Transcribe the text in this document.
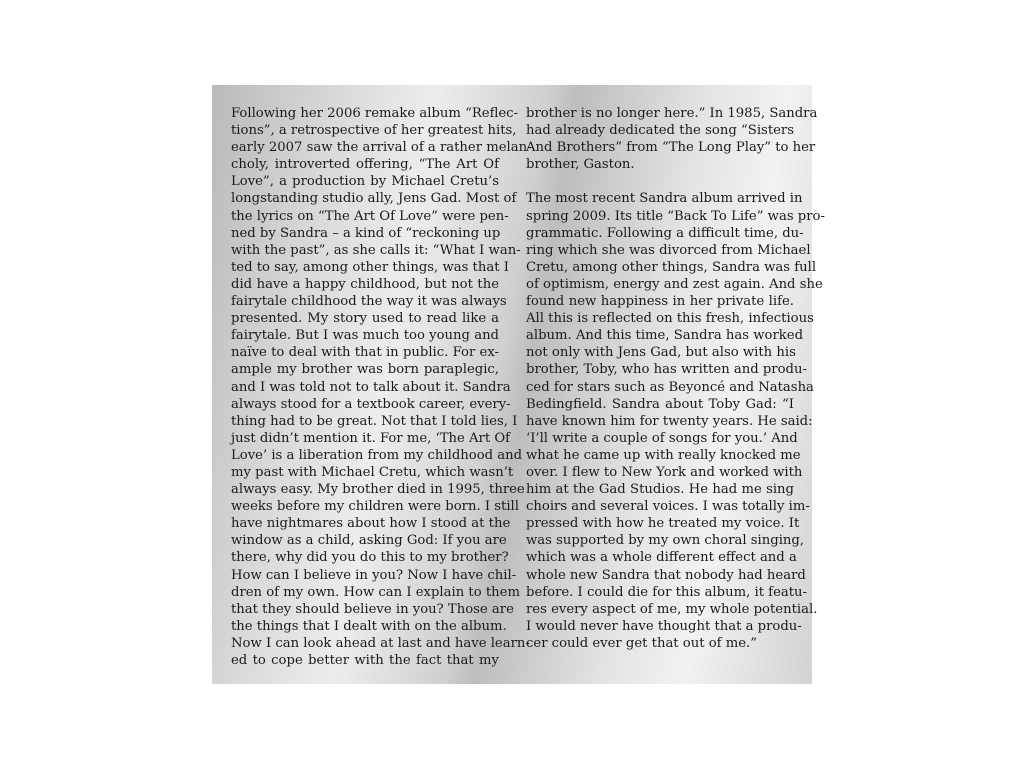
Following her 2006 remake album “Reflec-
tions”, a retrospective of her greatest hits,
early 2007 saw the arrival of a rather melan-
choly, introverted offering, “The Art Of
Love”, a production by Michael Cretu’s
longstanding studio ally, Jens Gad. Most of
the lyrics on “The Art Of Love” were pen-
ned by Sandra – a kind of “reckoning up
with the past”, as she calls it: “What I wan-
ted to say, among other things, was that I
did have a happy childhood, but not the
fairytale childhood the way it was always
presented. My story used to read like a
fairytale. But I was much too young and
naïve to deal with that in public. For ex-
ample my brother was born paraplegic,
and I was told not to talk about it. Sandra
always stood for a textbook career, every-
thing had to be great. Not that I told lies, I
just didn’t mention it. For me, ‘The Art Of
Love’ is a liberation from my childhood and
my past with Michael Cretu, which wasn’t
always easy. My brother died in 1995, three
weeks before my children were born. I still
have nightmares about how I stood at the
window as a child, asking God: If you are
there, why did you do this to my brother?
How can I believe in you? Now I have chil-
dren of my own. How can I explain to them
that they should believe in you? Those are
the things that I dealt with on the album.
Now I can look ahead at last and have learn-
ed to cope better with the fact that my
brother is no longer here.” In 1985, Sandra
had already dedicated the song “Sisters
And Brothers” from “The Long Play” to her
brother, Gaston.
The most recent Sandra album arrived in
spring 2009. Its title “Back To Life” was pro-
grammatic. Following a difficult time, du-
ring which she was divorced from Michael
Cretu, among other things, Sandra was full
of optimism, energy and zest again. And she
found new happiness in her private life.
All this is reflected on this fresh, infectious
album. And this time, Sandra has worked
not only with Jens Gad, but also with his
brother, Toby, who has written and produ-
ced for stars such as Beyoncé and Natasha
Bedingfield. Sandra about Toby Gad: “I
have known him for twenty years. He said:
‘I’ll write a couple of songs for you.’ And
what he came up with really knocked me
over. I flew to New York and worked with
him at the Gad Studios. He had me sing
choirs and several voices. I was totally im-
pressed with how he treated my voice. It
was supported by my own choral singing,
which was a whole different effect and a
whole new Sandra that nobody had heard
before. I could die for this album, it featu-
res every aspect of me, my whole potential.
I would never have thought that a produ-
cer could ever get that out of me.”
